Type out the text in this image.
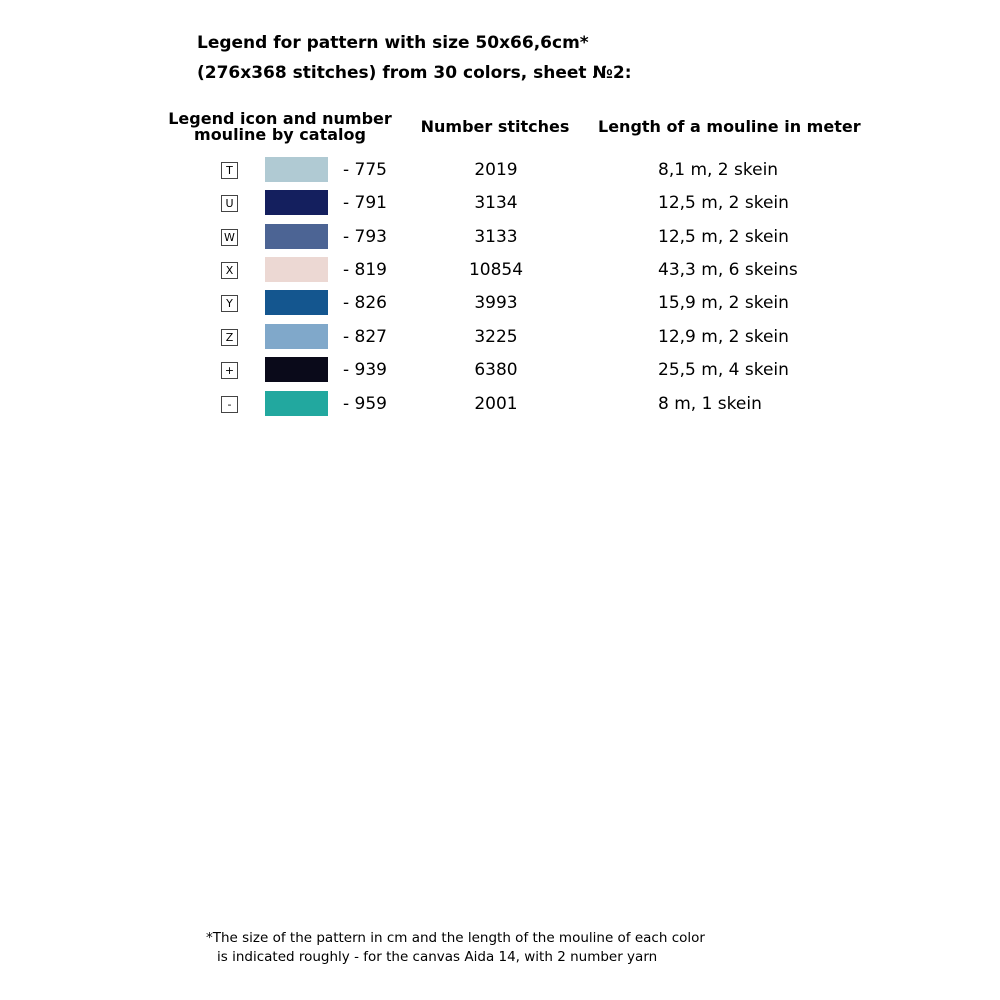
Legend for pattern with size 50x66,6cm*
(276x368 stitches) from 30 colors, sheet №2:
Legend icon and number
mouline by catalog	Number stitches Length of a mouline in meter
T	- 775	2019	8,1 m, 2 skein
U	- 791	3134	12,5 m, 2 skein
W	- 793	3133	12,5 m, 2 skein
X	- 819	10854	43,3 m, 6 skeins
Y	- 826	3993	15,9 m, 2 skein
Z	- 827	3225	12,9 m, 2 skein
+	- 939	6380	25,5 m, 4 skein
-	- 959	2001	8 m, 1 skein
*The size of the pattern in cm and the length of the mouline of each color
is indicated roughly - for the canvas Aida 14, with 2 number yarn
